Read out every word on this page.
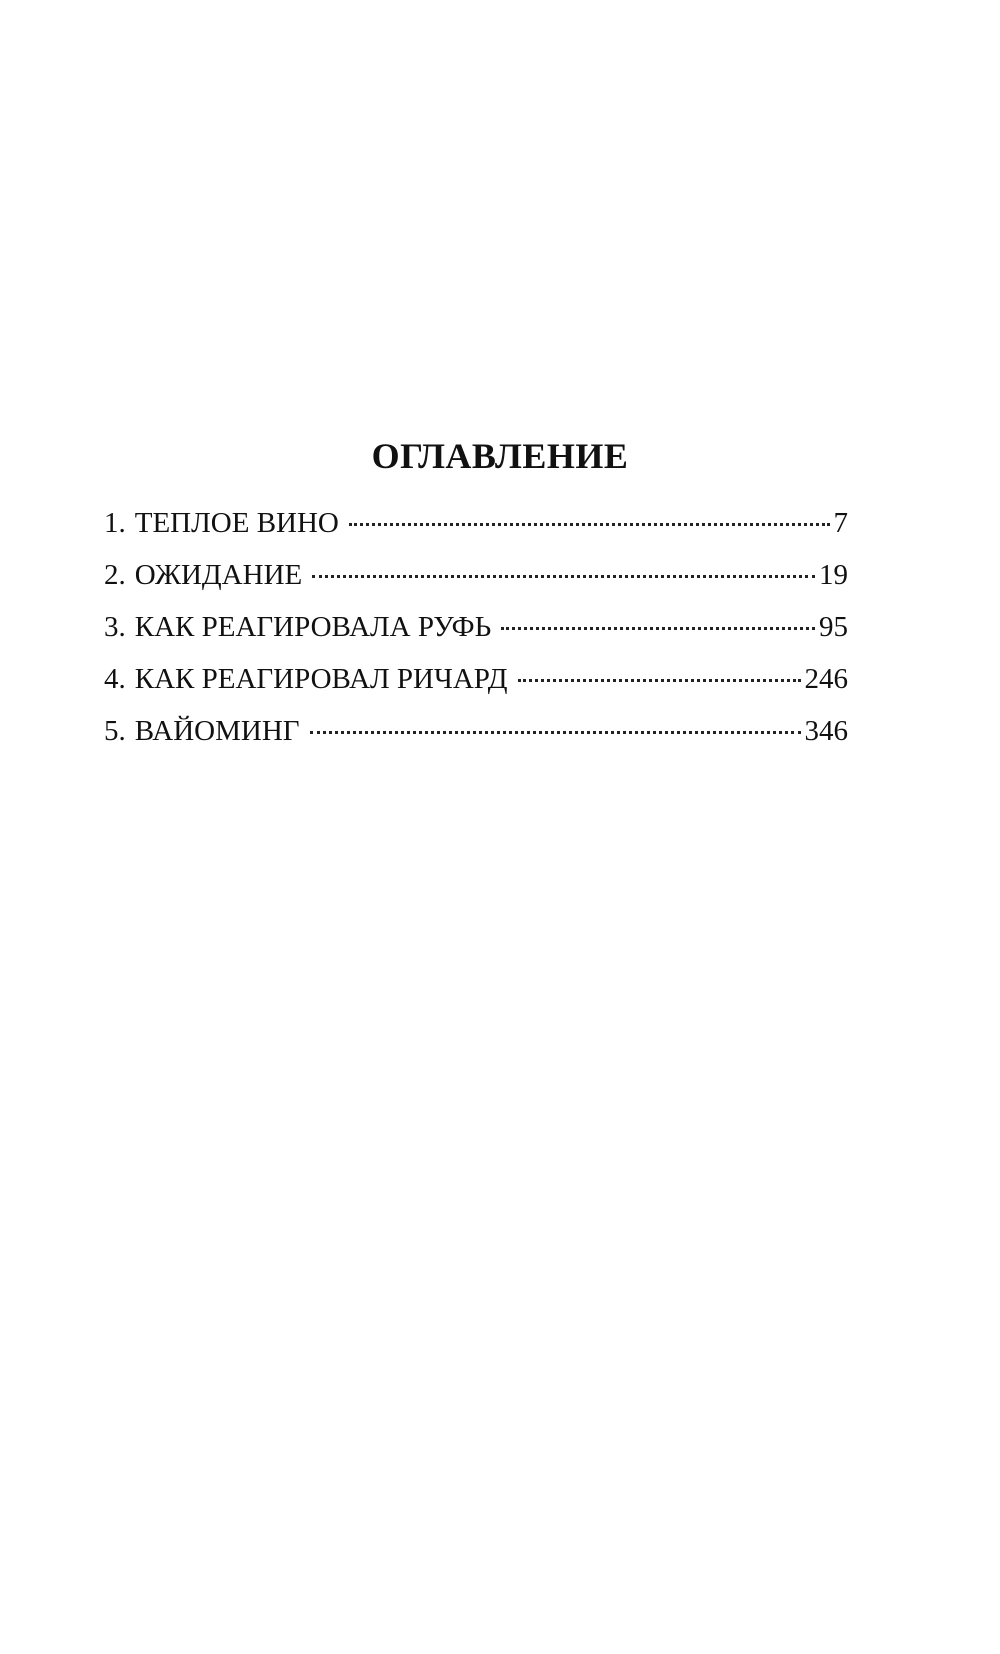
ОГЛАВЛЕНИЕ
1. ТЕПЛОЕ ВИНО	7
2. ОЖИДАНИЕ	19
3. КАК РЕАГИРОВАЛА РУФЬ	95
4. КАК РЕАГИРОВАЛ РИЧАРД	246
5. ВАЙОМИНГ	346
